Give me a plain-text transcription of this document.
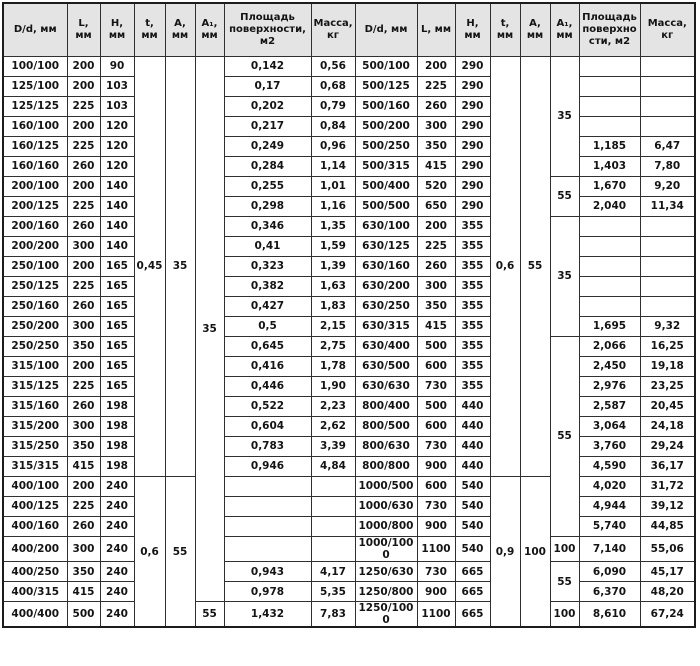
D/d, мм	L, мм	H, мм	t, мм	A, мм	A₁, мм	Площадь поверхности, м2	Масса, кг	D/d, мм	L, мм	H, мм	t, мм	A, мм	A₁, мм	Площадь поверхности, м2	Масса, кг
100/100	200	90	0,45	35	35	0,142	0,56	500/100	200	290	0,6	55	35		
125/100	200	103				0,17	0,68	500/125	225	290					
125/125	225	103				0,202	0,79	500/160	260	290					
160/100	200	120				0,217	0,84	500/200	300	290					
160/125	225	120				0,249	0,96	500/250	350	290				1,185	6,47
160/160	260	120				0,284	1,14	500/315	415	290				1,403	7,80
200/100	200	140				0,255	1,01	500/400	520	290			55	1,670	9,20
200/125	225	140				0,298	1,16	500/500	650	290				2,040	11,34
200/160	260	140				0,346	1,35	630/100	200	355			35		
200/200	300	140				0,41	1,59	630/125	225	355					
250/100	200	165				0,323	1,39	630/160	260	355					
250/125	225	165				0,382	1,63	630/200	300	355					
250/160	260	165				0,427	1,83	630/250	350	355					
250/200	300	165				0,5	2,15	630/315	415	355				1,695	9,32
250/250	350	165				0,645	2,75	630/400	500	355			55	2,066	16,25
315/100	200	165				0,416	1,78	630/500	600	355				2,450	19,18
315/125	225	165				0,446	1,90	630/630	730	355				2,976	23,25
315/160	260	198				0,522	2,23	800/400	500	440				2,587	20,45
315/200	300	198				0,604	2,62	800/500	600	440				3,064	24,18
315/250	350	198				0,783	3,39	800/630	730	440				3,760	29,24
315/315	415	198				0,946	4,84	800/800	900	440				4,590	36,17
400/100	200	240	0,6	55				1000/500	600	540	0,9	100		4,020	31,72
400/125	225	240						1000/630	730	540				4,944	39,12
400/160	260	240						1000/800	900	540				5,740	44,85
400/200	300	240						1000/1000	1100	540			100	7,140	55,06
400/250	350	240				0,943	4,17	1250/630	730	665			55	6,090	45,17
400/315	415	240				0,978	5,35	1250/800	900	665				6,370	48,20
400/400	500	240			55	1,432	7,83	1250/1000	1100	665			100	8,610	67,24
